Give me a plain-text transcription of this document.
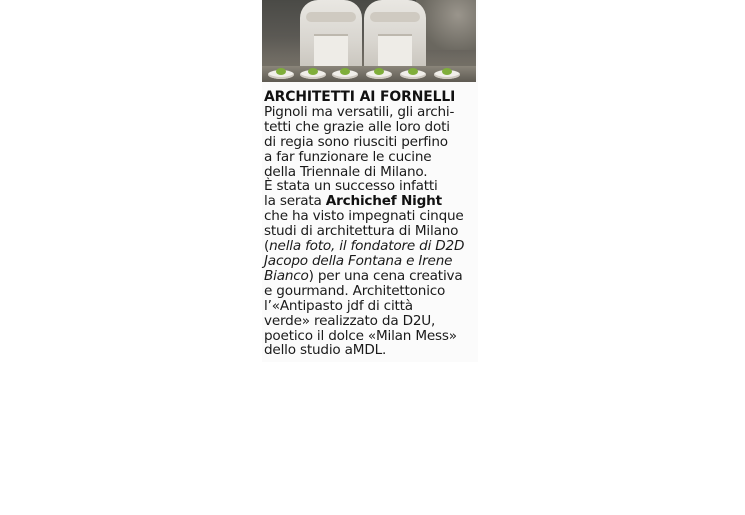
ARCHITETTI AI FORNELLI
Pignoli ma versatili, gli archi-
tetti che grazie alle loro doti
di regia sono riusciti perfino
a far funzionare le cucine
della Triennale di Milano.
È stata un successo infatti
la serata Archichef Night
che ha visto impegnati cinque
studi di architettura di Milano
(nella foto, il fondatore di D2D
Jacopo della Fontana e Irene
Bianco) per una cena creativa
e gourmand. Architettonico
l’«Antipasto jdf di città
verde» realizzato da D2U,
poetico il dolce «Milan Mess»
dello studio aMDL.
